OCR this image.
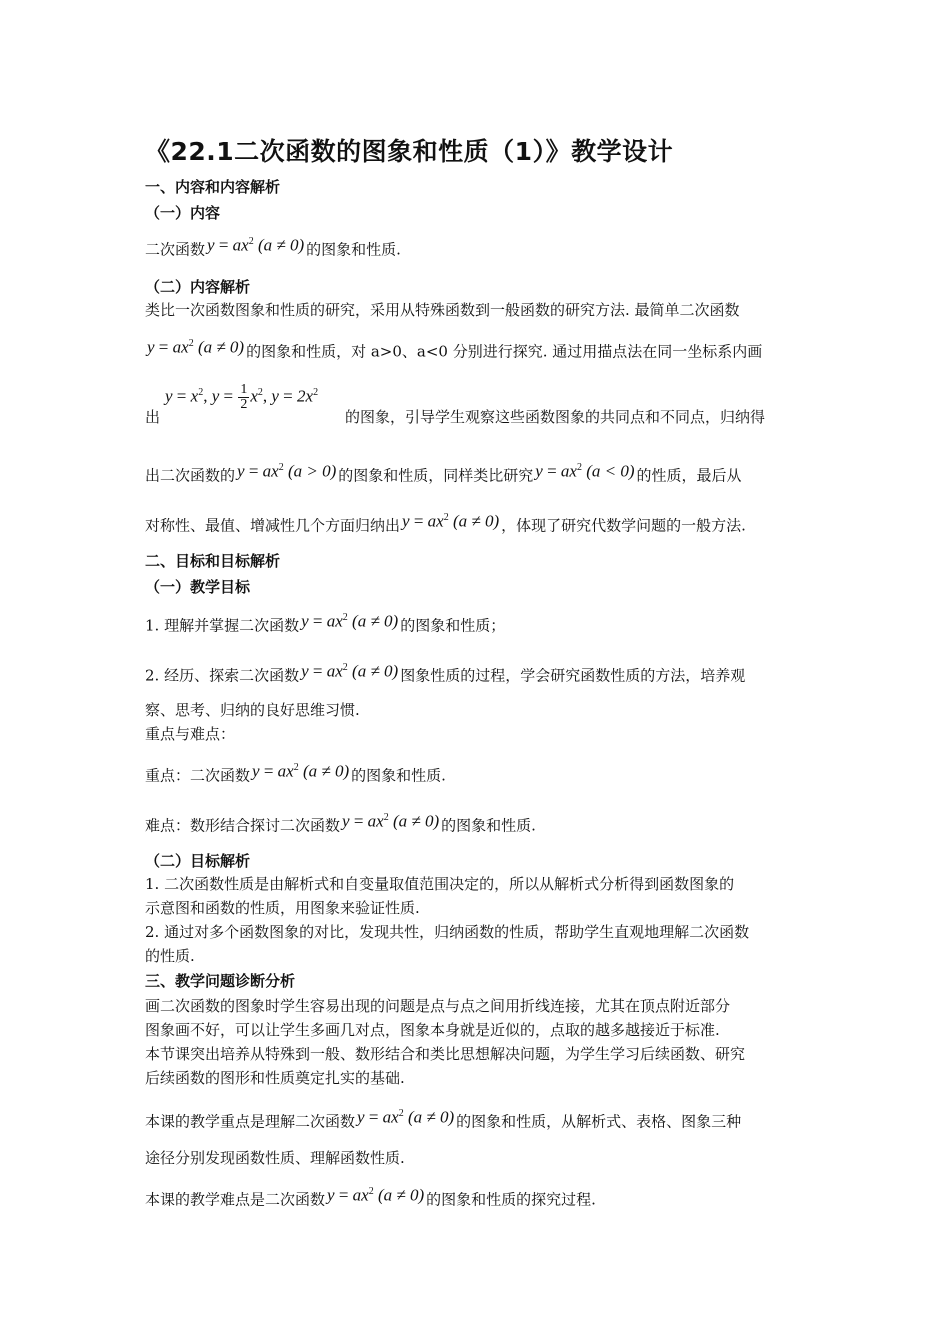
《22.1二次函数的图象和性质（1）》教学设计
一、内容和内容解析
（一）内容
二次函数 $y = ax^2$ (a ≠ 0) 的图象和性质.
（二）内容解析
类比一次函数图象和性质的研究，采用从特殊函数到一般函数的研究方法. 最简单二次函数
$y = ax^2$ (a ≠ 0) 的图象和性质，对 a>0、a<0 分别进行探究. 通过用描点法在同一坐标系内画
出
$y = x^2$, $y = \frac{1}{2} x^2$, $y = 2x^2$
的图象，引导学生观察这些函数图象的共同点和不同点，归纳得
出二次函数的 $y = ax^2$ (a > 0) 的图象和性质，同样类比研究 $y = ax^2$ (a < 0) 的性质，最后从
对称性、最值、增减性几个方面归纳出 $y = ax^2$ (a ≠ 0) ，体现了研究代数学问题的一般方法.
二、目标和目标解析
（一）教学目标
1. 理解并掌握二次函数 $y = ax^2$ (a ≠ 0) 的图象和性质；
2. 经历、探索二次函数 $y = ax^2$ (a ≠ 0) 图象性质的过程，学会研究函数性质的方法，培养观
察、思考、归纳的良好思维习惯.
重点与难点：
重点：二次函数 $y = ax^2$ (a ≠ 0) 的图象和性质.
难点：数形结合探讨二次函数 $y = ax^2$ (a ≠ 0) 的图象和性质.
（二）目标解析
1. 二次函数性质是由解析式和自变量取值范围决定的，所以从解析式分析得到函数图象的
示意图和函数的性质，用图象来验证性质.
2. 通过对多个函数图象的对比，发现共性，归纳函数的性质，帮助学生直观地理解二次函数
的性质.
三、教学问题诊断分析
画二次函数的图象时学生容易出现的问题是点与点之间用折线连接，尤其在顶点附近部分
图象画不好，可以让学生多画几对点，图象本身就是近似的，点取的越多越接近于标准.
本节课突出培养从特殊到一般、数形结合和类比思想解决问题，为学生学习后续函数、研究
后续函数的图形和性质奠定扎实的基础.
本课的教学重点是理解二次函数 $y = ax^2$ (a ≠ 0) 的图象和性质，从解析式、表格、图象三种
途径分别发现函数性质、理解函数性质.
本课的教学难点是二次函数 $y = ax^2$ (a ≠ 0) 的图象和性质的探究过程.
